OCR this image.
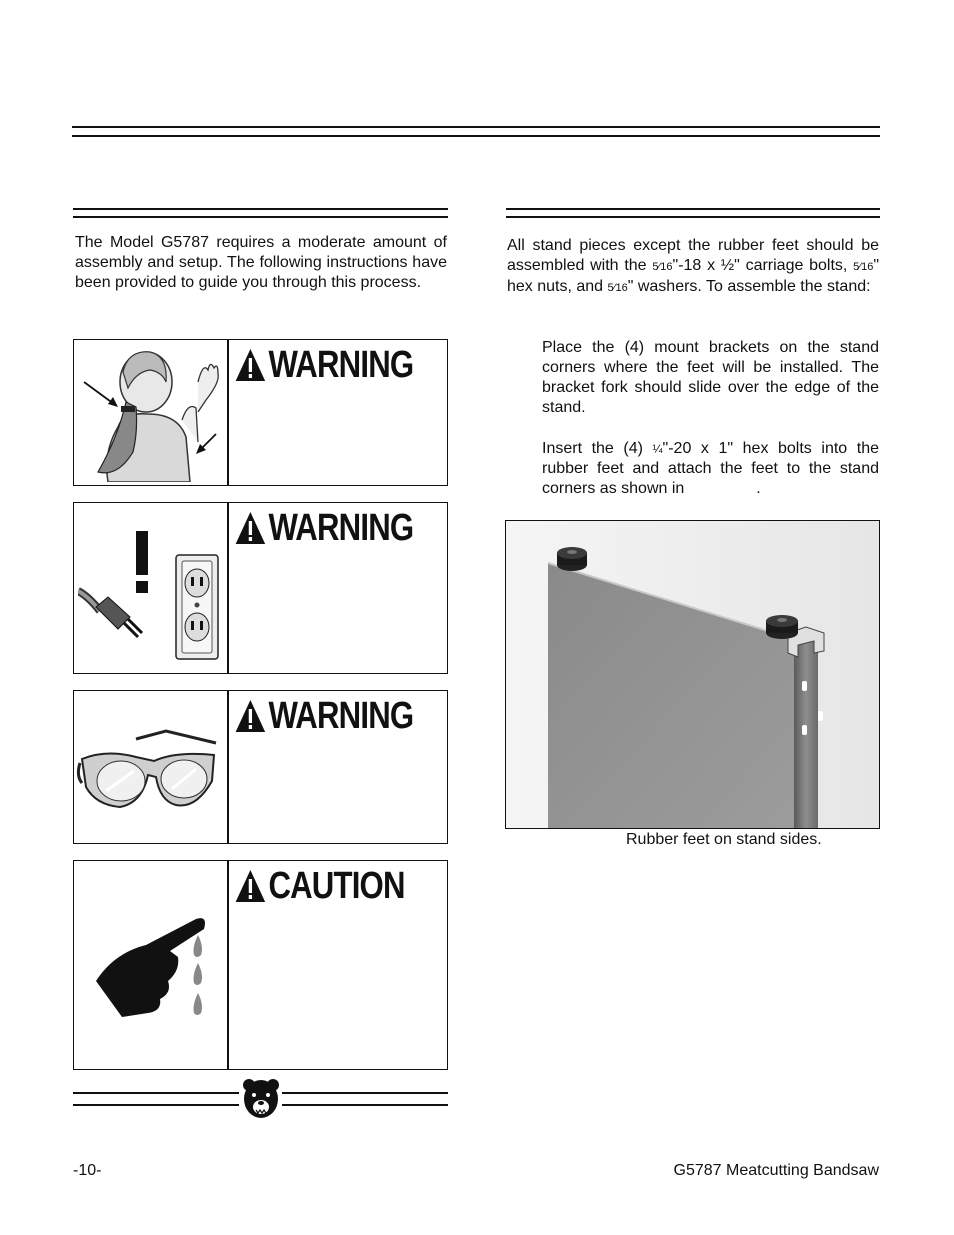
The Model G5787 requires a moderate amount of assembly and setup. The following instructions have been provided to guide you through this process.
WARNING
WARNING
WARNING
CAUTION
All stand pieces except the rubber feet should be assembled with the 5⁄16"-18 x ½" carriage bolts, 5⁄16" hex nuts, and 5⁄16" washers. To assemble the stand:
Place the (4) mount brackets on the stand corners where the feet will be installed. The bracket fork should slide over the edge of the stand.
Insert the (4) ¼"-20 x 1" hex bolts into the rubber feet and attach the feet to the stand corners as shown in	.
Rubber feet on stand sides.
-10-	G5787 Meatcutting Bandsaw
